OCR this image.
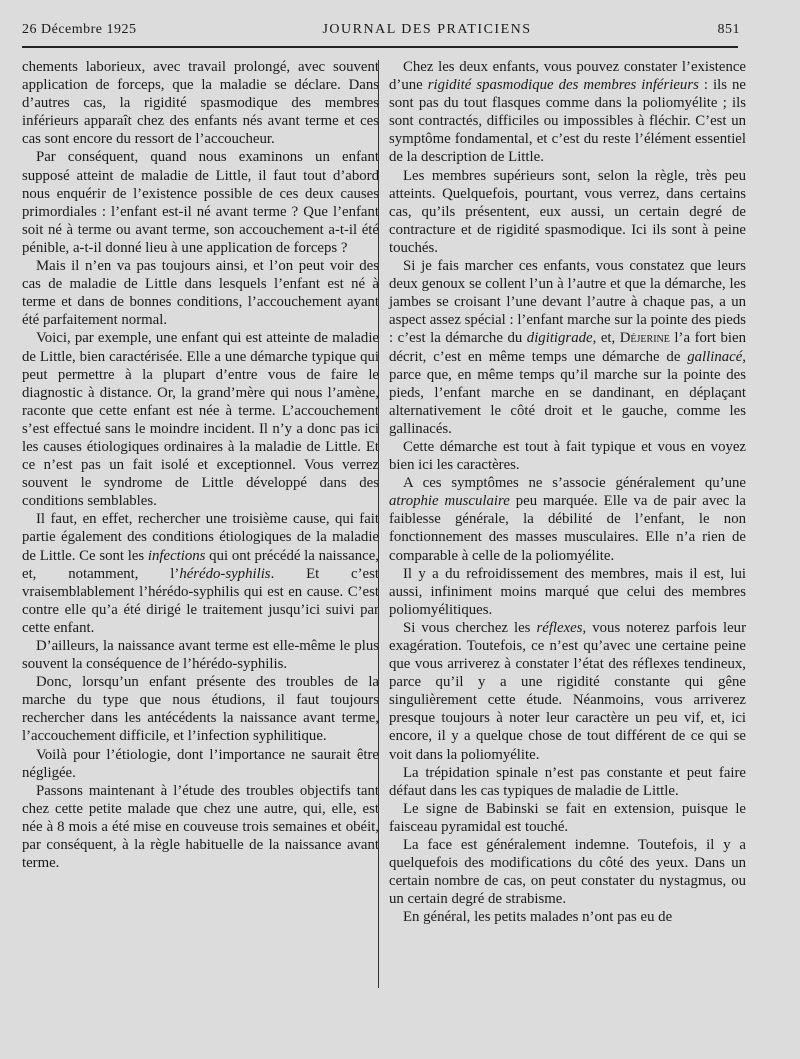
26 Décembre 1925	JOURNAL DES PRATICIENS	851

chements laborieux, avec travail prolongé, avec souvent application de forceps, que la maladie se déclare. Dans d’autres cas, la rigidité spasmodique des membres inférieurs apparaît chez des enfants nés avant terme et ces cas sont encore du ressort de l’accoucheur.

Par conséquent, quand nous examinons un enfant supposé atteint de maladie de Little, il faut tout d’abord nous enquérir de l’existence possible de ces deux causes primordiales : l’enfant est-il né avant terme ? Que l’enfant soit né à terme ou avant terme, son accouchement a-t-il été pénible, a-t-il donné lieu à une application de forceps ?

Mais il n’en va pas toujours ainsi, et l’on peut voir des cas de maladie de Little dans lesquels l’enfant est né à terme et dans de bonnes conditions, l’accouchement ayant été parfaitement normal.

Voici, par exemple, une enfant qui est atteinte de maladie de Little, bien caractérisée. Elle a une démarche typique qui peut permettre à la plupart d’entre vous de faire le diagnostic à distance. Or, la grand’mère qui nous l’amène, raconte que cette enfant est née à terme. L’accouchement s’est effectué sans le moindre incident. Il n’y a donc pas ici les causes étiologiques ordinaires à la maladie de Little. Et ce n’est pas un fait isolé et exceptionnel. Vous verrez souvent le syndrome de Little développé dans des conditions semblables.

Il faut, en effet, rechercher une troisième cause, qui fait partie également des conditions étiologiques de la maladie de Little. Ce sont les infections qui ont précédé la naissance, et, notamment, l’hérédo-syphilis. Et c’est vraisemblablement l’hérédo-syphilis qui est en cause. C’est contre elle qu’a été dirigé le traitement jusqu’ici suivi par cette enfant.

D’ailleurs, la naissance avant terme est elle-même le plus souvent la conséquence de l’hérédo-syphilis.

Donc, lorsqu’un enfant présente des troubles de la marche du type que nous étudions, il faut toujours rechercher dans les antécédents la naissance avant terme, l’accouchement difficile, et l’infection syphilitique.

Voilà pour l’étiologie, dont l’importance ne saurait être négligée.

Passons maintenant à l’étude des troubles objectifs tant chez cette petite malade que chez une autre, qui, elle, est née à 8 mois a été mise en couveuse trois semaines et obéit, par conséquent, à la règle habituelle de la naissance avant terme.

Chez les deux enfants, vous pouvez constater l’existence d’une rigidité spasmodique des membres inférieurs : ils ne sont pas du tout flasques comme dans la poliomyélite ; ils sont contractés, difficiles ou impossibles à fléchir. C’est un symptôme fondamental, et c’est du reste l’élément essentiel de la description de Little.

Les membres supérieurs sont, selon la règle, très peu atteints. Quelquefois, pourtant, vous verrez, dans certains cas, qu’ils présentent, eux aussi, un certain degré de contracture et de rigidité spasmodique. Ici ils sont à peine touchés.

Si je fais marcher ces enfants, vous constatez que leurs deux genoux se collent l’un à l’autre et que la démarche, les jambes se croisant l’une devant l’autre à chaque pas, a un aspect assez spécial : l’enfant marche sur la pointe des pieds : c’est la démarche du digitigrade, et, Déjerine l’a fort bien décrit, c’est en même temps une démarche de gallinacé, parce que, en même temps qu’il marche sur la pointe des pieds, l’enfant marche en se dandinant, en déplaçant alternativement le côté droit et le gauche, comme les gallinacés.

Cette démarche est tout à fait typique et vous en voyez bien ici les caractères.

A ces symptômes ne s’associe généralement qu’une atrophie musculaire peu marquée. Elle va de pair avec la faiblesse générale, la débilité de l’enfant, le non fonctionnement des masses musculaires. Elle n’a rien de comparable à celle de la poliomyélite.

Il y a du refroidissement des membres, mais il est, lui aussi, infiniment moins marqué que celui des membres poliomyélitiques.

Si vous cherchez les réflexes, vous noterez parfois leur exagération. Toutefois, ce n’est qu’avec une certaine peine que vous arriverez à constater l’état des réflexes tendineux, parce qu’il y a une rigidité constante qui gêne singulièrement cette étude. Néanmoins, vous arriverez presque toujours à noter leur caractère un peu vif, et, ici encore, il y a quelque chose de tout différent de ce qui se voit dans la poliomyélite.

La trépidation spinale n’est pas constante et peut faire défaut dans les cas typiques de maladie de Little.

Le signe de Babinski se fait en extension, puisque le faisceau pyramidal est touché.

La face est généralement indemne. Toutefois, il y a quelquefois des modifications du côté des yeux. Dans un certain nombre de cas, on peut constater du nystagmus, ou un certain degré de strabisme.

En général, les petits malades n’ont pas eu de
